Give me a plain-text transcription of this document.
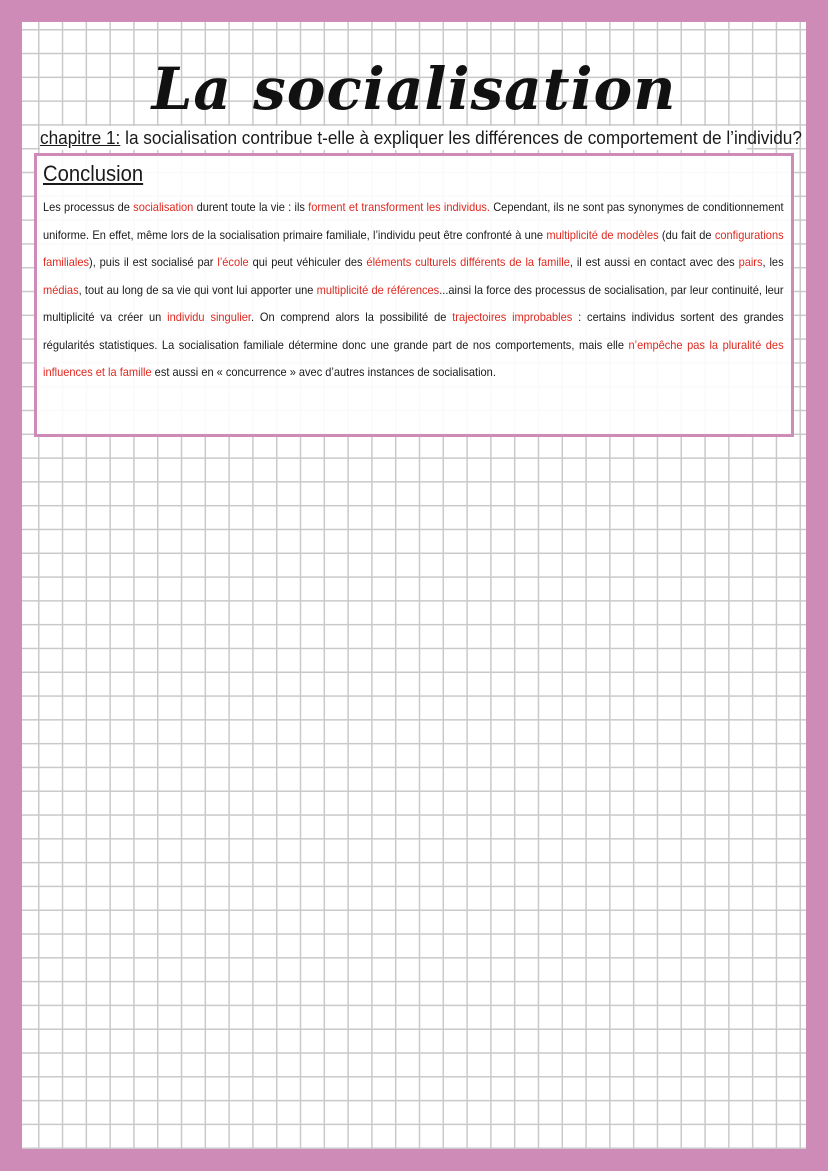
La socialisation
chapitre 1: la socialisation contribue t-elle à expliquer les différences de comportement de l’individu?
Conclusion
Les processus de socialisation durent toute la vie : ils forment et transforment les individus. Cependant, ils ne sont pas synonymes de conditionnement uniforme. En effet, même lors de la socialisation primaire familiale, l’individu peut être confronté à une multiplicité de modèles (du fait de configurations familiales), puis il est socialisé par l’école qui peut véhiculer des éléments culturels différents de la famille, il est aussi en contact avec des pairs, les médias, tout au long de sa vie qui vont lui apporter une multiplicité de références...ainsi la force des processus de socialisation, par leur continuité, leur multiplicité va créer un individu singulier. On comprend alors la possibilité de trajectoires improbables : certains individus sortent des grandes régularités statistiques. La socialisation familiale détermine donc une grande part de nos comportements, mais elle n’empêche pas la pluralité des influences et la famille est aussi en « concurrence » avec d’autres instances de socialisation.
